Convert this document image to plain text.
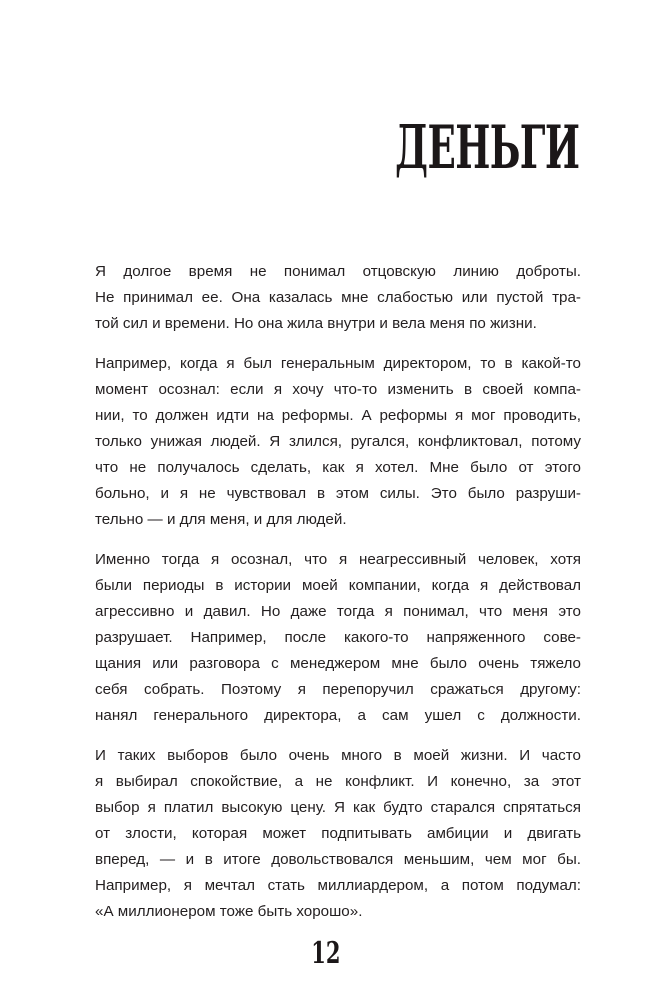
ДЕНЬГИ

Я долгое время не понимал отцовскую линию доброты.
Не принимал ее. Она казалась мне слабостью или пустой тра-
той сил и времени. Но она жила внутри и вела меня по жизни.

Например, когда я был генеральным директором, то в какой-то
момент осознал: если я хочу что-то изменить в своей компа-
нии, то должен идти на реформы. А реформы я мог проводить,
только унижая людей. Я злился, ругался, конфликтовал, потому
что не получалось сделать, как я хотел. Мне было от этого
больно, и я не чувствовал в этом силы. Это было разруши-
тельно — и для меня, и для людей.

Именно тогда я осознал, что я неагрессивный человек, хотя
были периоды в истории моей компании, когда я действовал
агрессивно и давил. Но даже тогда я понимал, что меня это
разрушает. Например, после какого-то напряженного сове-
щания или разговора с менеджером мне было очень тяжело
себя собрать. Поэтому я перепоручил сражаться другому:
нанял генерального директора, а сам ушел с должности.

И таких выборов было очень много в моей жизни. И часто
я выбирал спокойствие, а не конфликт. И конечно, за этот
выбор я платил высокую цену. Я как будто старался спрятаться
от злости, которая может подпитывать амбиции и двигать
вперед, — и в итоге довольствовался меньшим, чем мог бы.
Например, я мечтал стать миллиардером, а потом подумал:
«А миллионером тоже быть хорошо».

12
